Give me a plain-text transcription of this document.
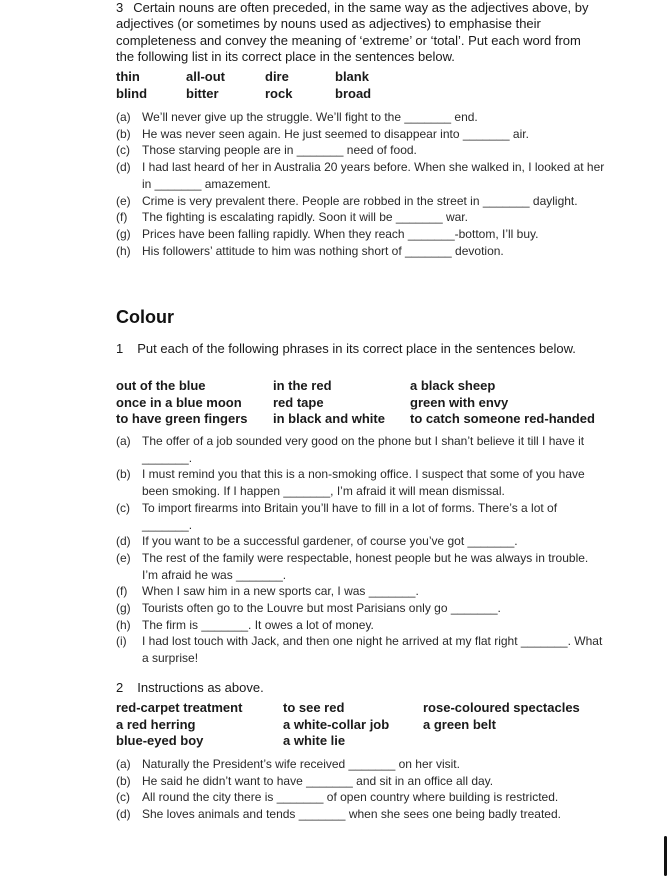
3 Certain nouns are often preceded, in the same way as the adjectives above, by adjectives (or sometimes by nouns used as adjectives) to emphasise their completeness and convey the meaning of ‘extreme’ or ‘total’. Put each word from the following list in its correct place in the sentences below.
thin	all-out	dire	blank
blind	bitter	rock	broad
(a) We’ll never give up the struggle. We’ll fight to the _______ end.
(b) He was never seen again. He just seemed to disappear into _______ air.
(c)	Those starving people are in _______ need of food.
(d) I had last heard of her in Australia 20 years before. When she walked in, I looked at her in _______ amazement.
(e) Crime is very prevalent there. People are robbed in the street in _______ daylight.
(f)	The fighting is escalating rapidly. Soon it will be _______ war.
(g) Prices have been falling rapidly. When they reach _______-bottom, I’ll buy.
(h) His followers’ attitude to him was nothing short of _______ devotion.
Colour
1 Put each of the following phrases in its correct place in the sentences below.
out of the blue	in the red	a black sheep
once in a blue moon	red tape	green with envy
to have green fingers	in black and white	to catch someone red-handed
(a) The offer of a job sounded very good on the phone but I shan’t believe it till I have it _______.
(b) I must remind you that this is a non-smoking office. I suspect that some of you have been smoking. If I happen _______, I’m afraid it will mean dismissal.
(c)	To import firearms into Britain you’ll have to fill in a lot of forms. There’s a lot of _______.
(d) If you want to be a successful gardener, of course you’ve got _______.
(e) The rest of the family were respectable, honest people but he was always in trouble. I’m afraid he was _______.
(f)	When I saw him in a new sports car, I was _______.
(g) Tourists often go to the Louvre but most Parisians only go _______.
(h) The firm is _______. It owes a lot of money.
(i)	I had lost touch with Jack, and then one night he arrived at my flat right _______. What a surprise!
2 Instructions as above.
red-carpet treatment	to see red	rose-coloured spectacles
a red herring	a white-collar job	a green belt
blue-eyed boy	a white lie
(a) Naturally the President’s wife received _______ on her visit.
(b) He said he didn’t want to have _______ and sit in an office all day.
(c)	All round the city there is _______ of open country where building is restricted.
(d) She loves animals and tends _______ when she sees one being badly treated.
